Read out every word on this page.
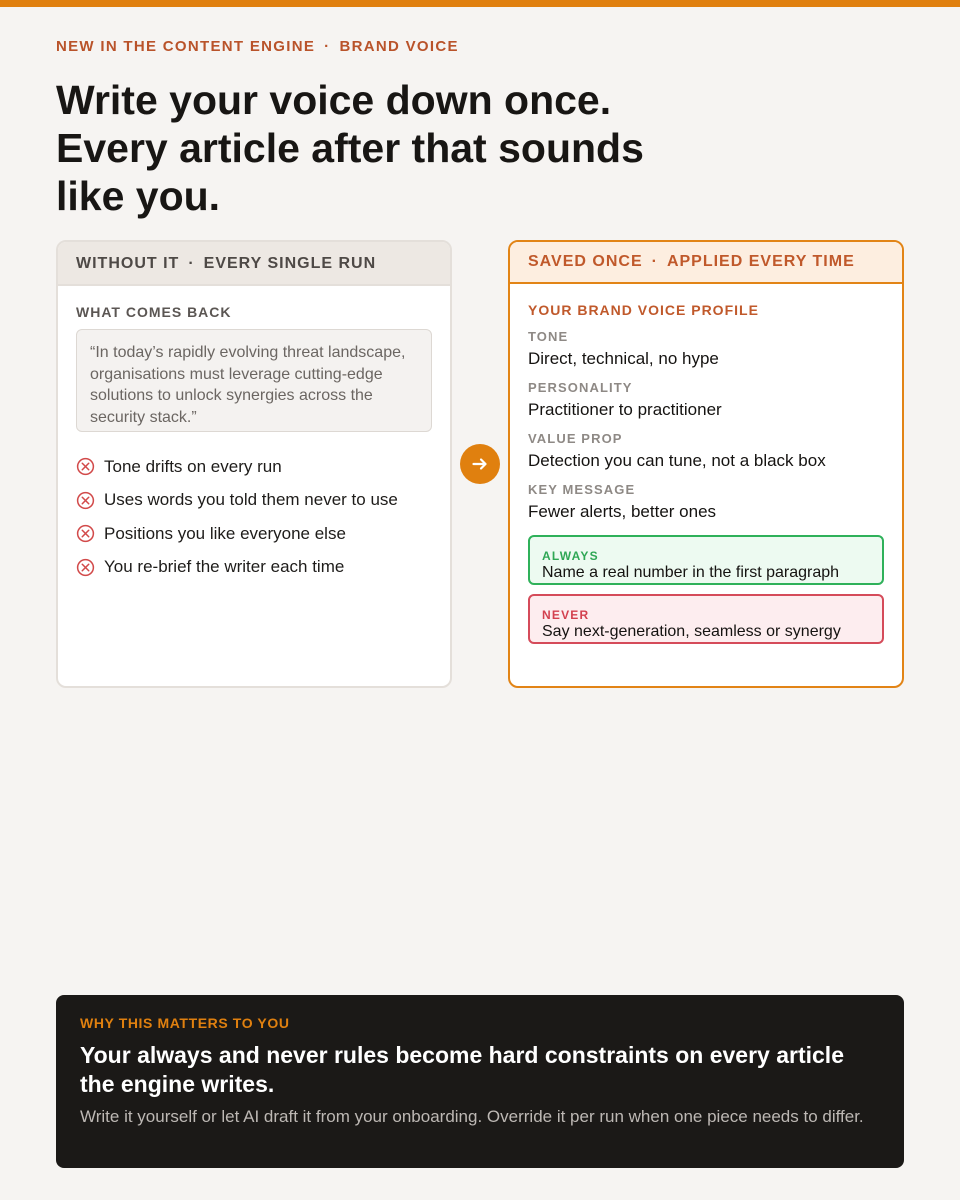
NEW IN THE CONTENT ENGINE · BRAND VOICE
Write your voice down once. Every article after that sounds like you.
WITHOUT IT · EVERY SINGLE RUN
WHAT COMES BACK
“In today’s rapidly evolving threat landscape, organisations must leverage cutting-edge solutions to unlock synergies across the security stack.”
Tone drifts on every run
Uses words you told them never to use
Positions you like everyone else
You re-brief the writer each time
SAVED ONCE · APPLIED EVERY TIME
YOUR BRAND VOICE PROFILE
TONE
Direct, technical, no hype
PERSONALITY
Practitioner to practitioner
VALUE PROP
Detection you can tune, not a black box
KEY MESSAGE
Fewer alerts, better ones
ALWAYS
Name a real number in the first paragraph
NEVER
Say next-generation, seamless or synergy
WHY THIS MATTERS TO YOU
Your always and never rules become hard constraints on every article the engine writes.
Write it yourself or let AI draft it from your onboarding. Override it per run when one piece needs to differ.
